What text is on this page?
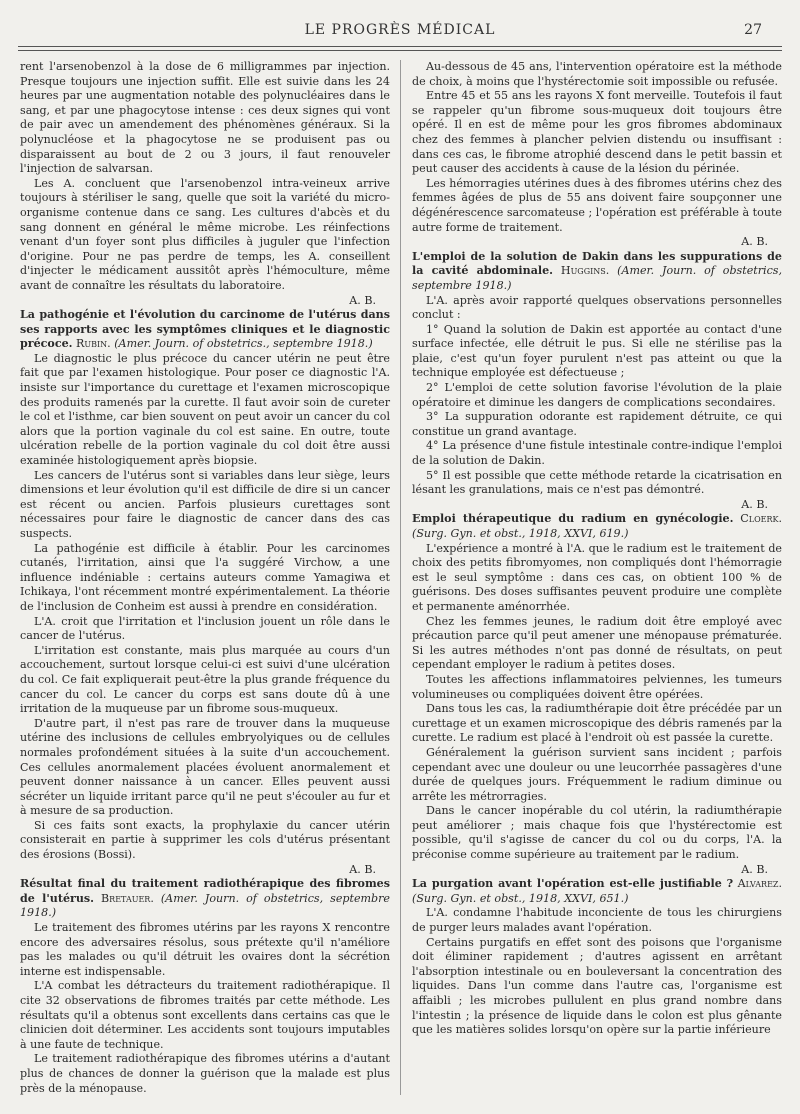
LE PROGRÈS MÉDICAL	27

rent l'arsenobenzol à la dose de 6 milligrammes par injection. Presque toujours une injection suffit. Elle est suivie dans les 24 heures par une augmentation notable des polynucléaires dans le sang, et par une phagocytose intense : ces deux signes qui vont de pair avec un amendement des phénomènes généraux. Si la polynucléose et la phagocytose ne se produisent pas ou disparaissent au bout de 2 ou 3 jours, il faut renouveler l'injection de salvarsan.

Les A. concluent que l'arsenobenzol intra-veineux arrive toujours à stériliser le sang, quelle que soit la variété du micro-organisme contenue dans ce sang. Les cultures d'abcès et du sang donnent en général le même microbe. Les réinfections venant d'un foyer sont plus difficiles à juguler que l'infection d'origine. Pour ne pas perdre de temps, les A. conseillent d'injecter le médicament aussitôt après l'hémoculture, même avant de connaître les résultats du laboratoire.

A. B.

La pathogénie et l'évolution du carcinome de l'utérus dans ses rapports avec les symptômes cliniques et le diagnostic précoce. Rubin. (Amer. Journ. of obstetrics., septembre 1918.)

Le diagnostic le plus précoce du cancer utérin ne peut être fait que par l'examen histologique. Pour poser ce diagnostic l'A. insiste sur l'importance du curettage et l'examen microscopique des produits ramenés par la curette. Il faut avoir soin de cureter le col et l'isthme, car bien souvent on peut avoir un cancer du col alors que la portion vaginale du col est saine. En outre, toute ulcération rebelle de la portion vaginale du col doit être aussi examinée histologiquement après biopsie.

Les cancers de l'utérus sont si variables dans leur siège, leurs dimensions et leur évolution qu'il est difficile de dire si un cancer est récent ou ancien. Parfois plusieurs curettages sont nécessaires pour faire le diagnostic de cancer dans des cas suspects.

La pathogénie est difficile à établir. Pour les carcinomes cutanés, l'irritation, ainsi que l'a suggéré Virchow, a une influence indéniable : certains auteurs comme Yamagiwa et Ichikaya, l'ont récemment montré expérimentalement. La théorie de l'inclusion de Conheim est aussi à prendre en considération.

L'A. croit que l'irritation et l'inclusion jouent un rôle dans le cancer de l'utérus.

L'irritation est constante, mais plus marquée au cours d'un accouchement, surtout lorsque celui-ci est suivi d'une ulcération du col. Ce fait expliquerait peut-être la plus grande fréquence du cancer du col. Le cancer du corps est sans doute dû à une irritation de la muqueuse par un fibrome sous-muqueux.

D'autre part, il n'est pas rare de trouver dans la muqueuse utérine des inclusions de cellules embryolyiques ou de cellules normales profondément situées à la suite d'un accouchement. Ces cellules anormalement placées évoluent anormalement et peuvent donner naissance à un cancer. Elles peuvent aussi sécréter un liquide irritant parce qu'il ne peut s'écouler au fur et à mesure de sa production.

Si ces faits sont exacts, la prophylaxie du cancer utérin consisterait en partie à supprimer les cols d'utérus présentant des érosions (Bossi).

A. B.

Résultat final du traitement radiothérapique des fibromes de l'utérus. Bretauer. (Amer. Journ. of obstetrics, septembre 1918.)

Le traitement des fibromes utérins par les rayons X rencontre encore des adversaires résolus, sous prétexte qu'il n'améliore pas les malades ou qu'il détruit les ovaires dont la sécrétion interne est indispensable.

L'A combat les détracteurs du traitement radiothérapique. Il cite 32 observations de fibromes traités par cette méthode. Les résultats qu'il a obtenus sont excellents dans certains cas que le clinicien doit déterminer. Les accidents sont toujours imputables à une faute de technique.

Le traitement radiothérapique des fibromes utérins a d'autant plus de chances de donner la guérison que la malade est plus près de la ménopause.

Au-dessous de 45 ans, l'intervention opératoire est la méthode de choix, à moins que l'hystérectomie soit impossible ou refusée.

Entre 45 et 55 ans les rayons X font merveille. Toutefois il faut se rappeler qu'un fibrome sous-muqueux doit toujours être opéré. Il en est de même pour les gros fibromes abdominaux chez des femmes à plancher pelvien distendu ou insuffisant : dans ces cas, le fibrome atrophié descend dans le petit bassin et peut causer des accidents à cause de la lésion du périnée.

Les hémorragies utérines dues à des fibromes utérins chez des femmes âgées de plus de 55 ans doivent faire soupçonner une dégénérescence sarcomateuse ; l'opération est préférable à toute autre forme de traitement.

A. B.

L'emploi de la solution de Dakin dans les suppurations de la cavité abdominale. Huggins. (Amer. Journ. of obstetrics, septembre 1918.)

L'A. après avoir rapporté quelques observations personnelles conclut :

1° Quand la solution de Dakin est apportée au contact d'une surface infectée, elle détruit le pus. Si elle ne stérilise pas la plaie, c'est qu'un foyer purulent n'est pas atteint ou que la technique employée est défectueuse ;

2° L'emploi de cette solution favorise l'évolution de la plaie opératoire et diminue les dangers de complications secondaires.

3° La suppuration odorante est rapidement détruite, ce qui constitue un grand avantage.

4° La présence d'une fistule intestinale contre-indique l'emploi de la solution de Dakin.

5° Il est possible que cette méthode retarde la cicatrisation en lésant les granulations, mais ce n'est pas démontré.

A. B.

Emploi thérapeutique du radium en gynécologie. Cloerk. (Surg. Gyn. et obst., 1918, XXVI, 619.)

L'expérience a montré à l'A. que le radium est le traitement de choix des petits fibromyomes, non compliqués dont l'hémorragie est le seul symptôme : dans ces cas, on obtient 100 % de guérisons. Des doses suffisantes peuvent produire une complète et permanente aménorrhée.

Chez les femmes jeunes, le radium doit être employé avec précaution parce qu'il peut amener une ménopause prématurée. Si les autres méthodes n'ont pas donné de résultats, on peut cependant employer le radium à petites doses.

Toutes les affections inflammatoires pelviennes, les tumeurs volumineuses ou compliquées doivent être opérées.

Dans tous les cas, la radiumthérapie doit être précédée par un curettage et un examen microscopique des débris ramenés par la curette. Le radium est placé à l'endroit où est passée la curette.

Généralement la guérison survient sans incident ; parfois cependant avec une douleur ou une leucorrhée passagères d'une durée de quelques jours. Fréquemment le radium diminue ou arrête les métrorragies.

Dans le cancer inopérable du col utérin, la radiumthérapie peut améliorer ; mais chaque fois que l'hystérectomie est possible, qu'il s'agisse de cancer du col ou du corps, l'A. la préconise comme supérieure au traitement par le radium.

A. B.

La purgation avant l'opération est-elle justifiable ? Alvarez. (Surg. Gyn. et obst., 1918, XXVI, 651.)

L'A. condamne l'habitude inconciente de tous les chirurgiens de purger leurs malades avant l'opération.

Certains purgatifs en effet sont des poisons que l'organisme doit éliminer rapidement ; d'autres agissent en arrêtant l'absorption intestinale ou en bouleversant la concentration des liquides. Dans l'un comme dans l'autre cas, l'organisme est affaibli ; les microbes pullulent en plus grand nombre dans l'intestin ; la présence de liquide dans le colon est plus gênante que les matières solides lorsqu'on opère sur la partie inférieure
